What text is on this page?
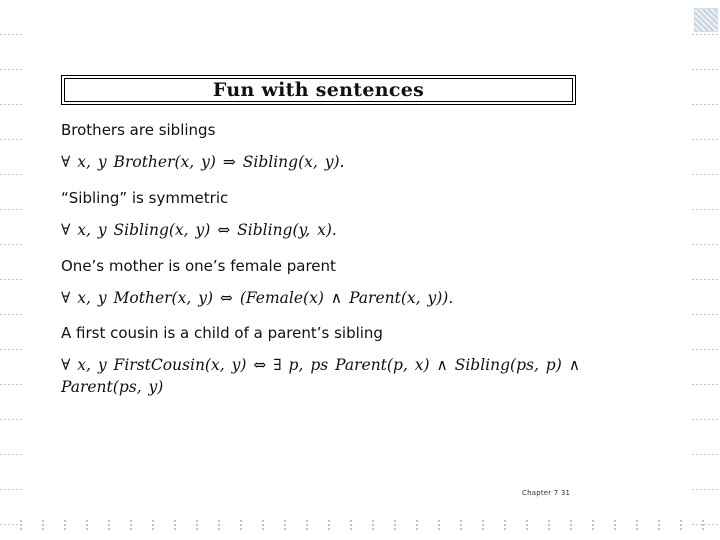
Fun with sentences
Brothers are siblings
∀ x, y Brother(x, y) ⇒ Sibling(x, y).
“Sibling” is symmetric
∀ x, y Sibling(x, y) ⇔ Sibling(y, x).
One’s mother is one’s female parent
∀ x, y Mother(x, y) ⇔ (Female(x) ∧ Parent(x, y)).
A first cousin is a child of a parent’s sibling
∀ x, y FirstCousin(x, y) ⇔ ∃ p, ps Parent(p, x) ∧ Sibling(ps, p) ∧
Parent(ps, y)
Chapter 7 31
